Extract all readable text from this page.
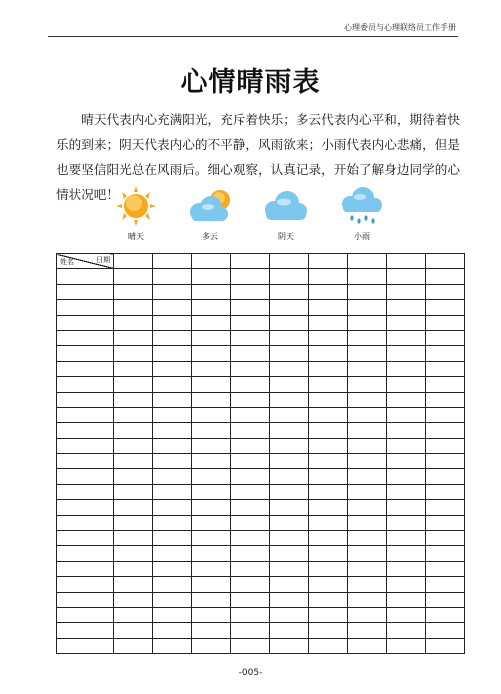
心理委员与心理联络员工作手册
心情晴雨表

晴天代表内心充满阳光，充斥着快乐；多云代表内心平和，期待着快乐的到来；阴天代表内心的不平静，风雨欲来；小雨代表内心悲痛，但是也要坚信阳光总在风雨后。细心观察，认真记录，开始了解身边同学的心情状况吧！

晴天	多云	阴天	小雨
日期
姓名									

-005-
